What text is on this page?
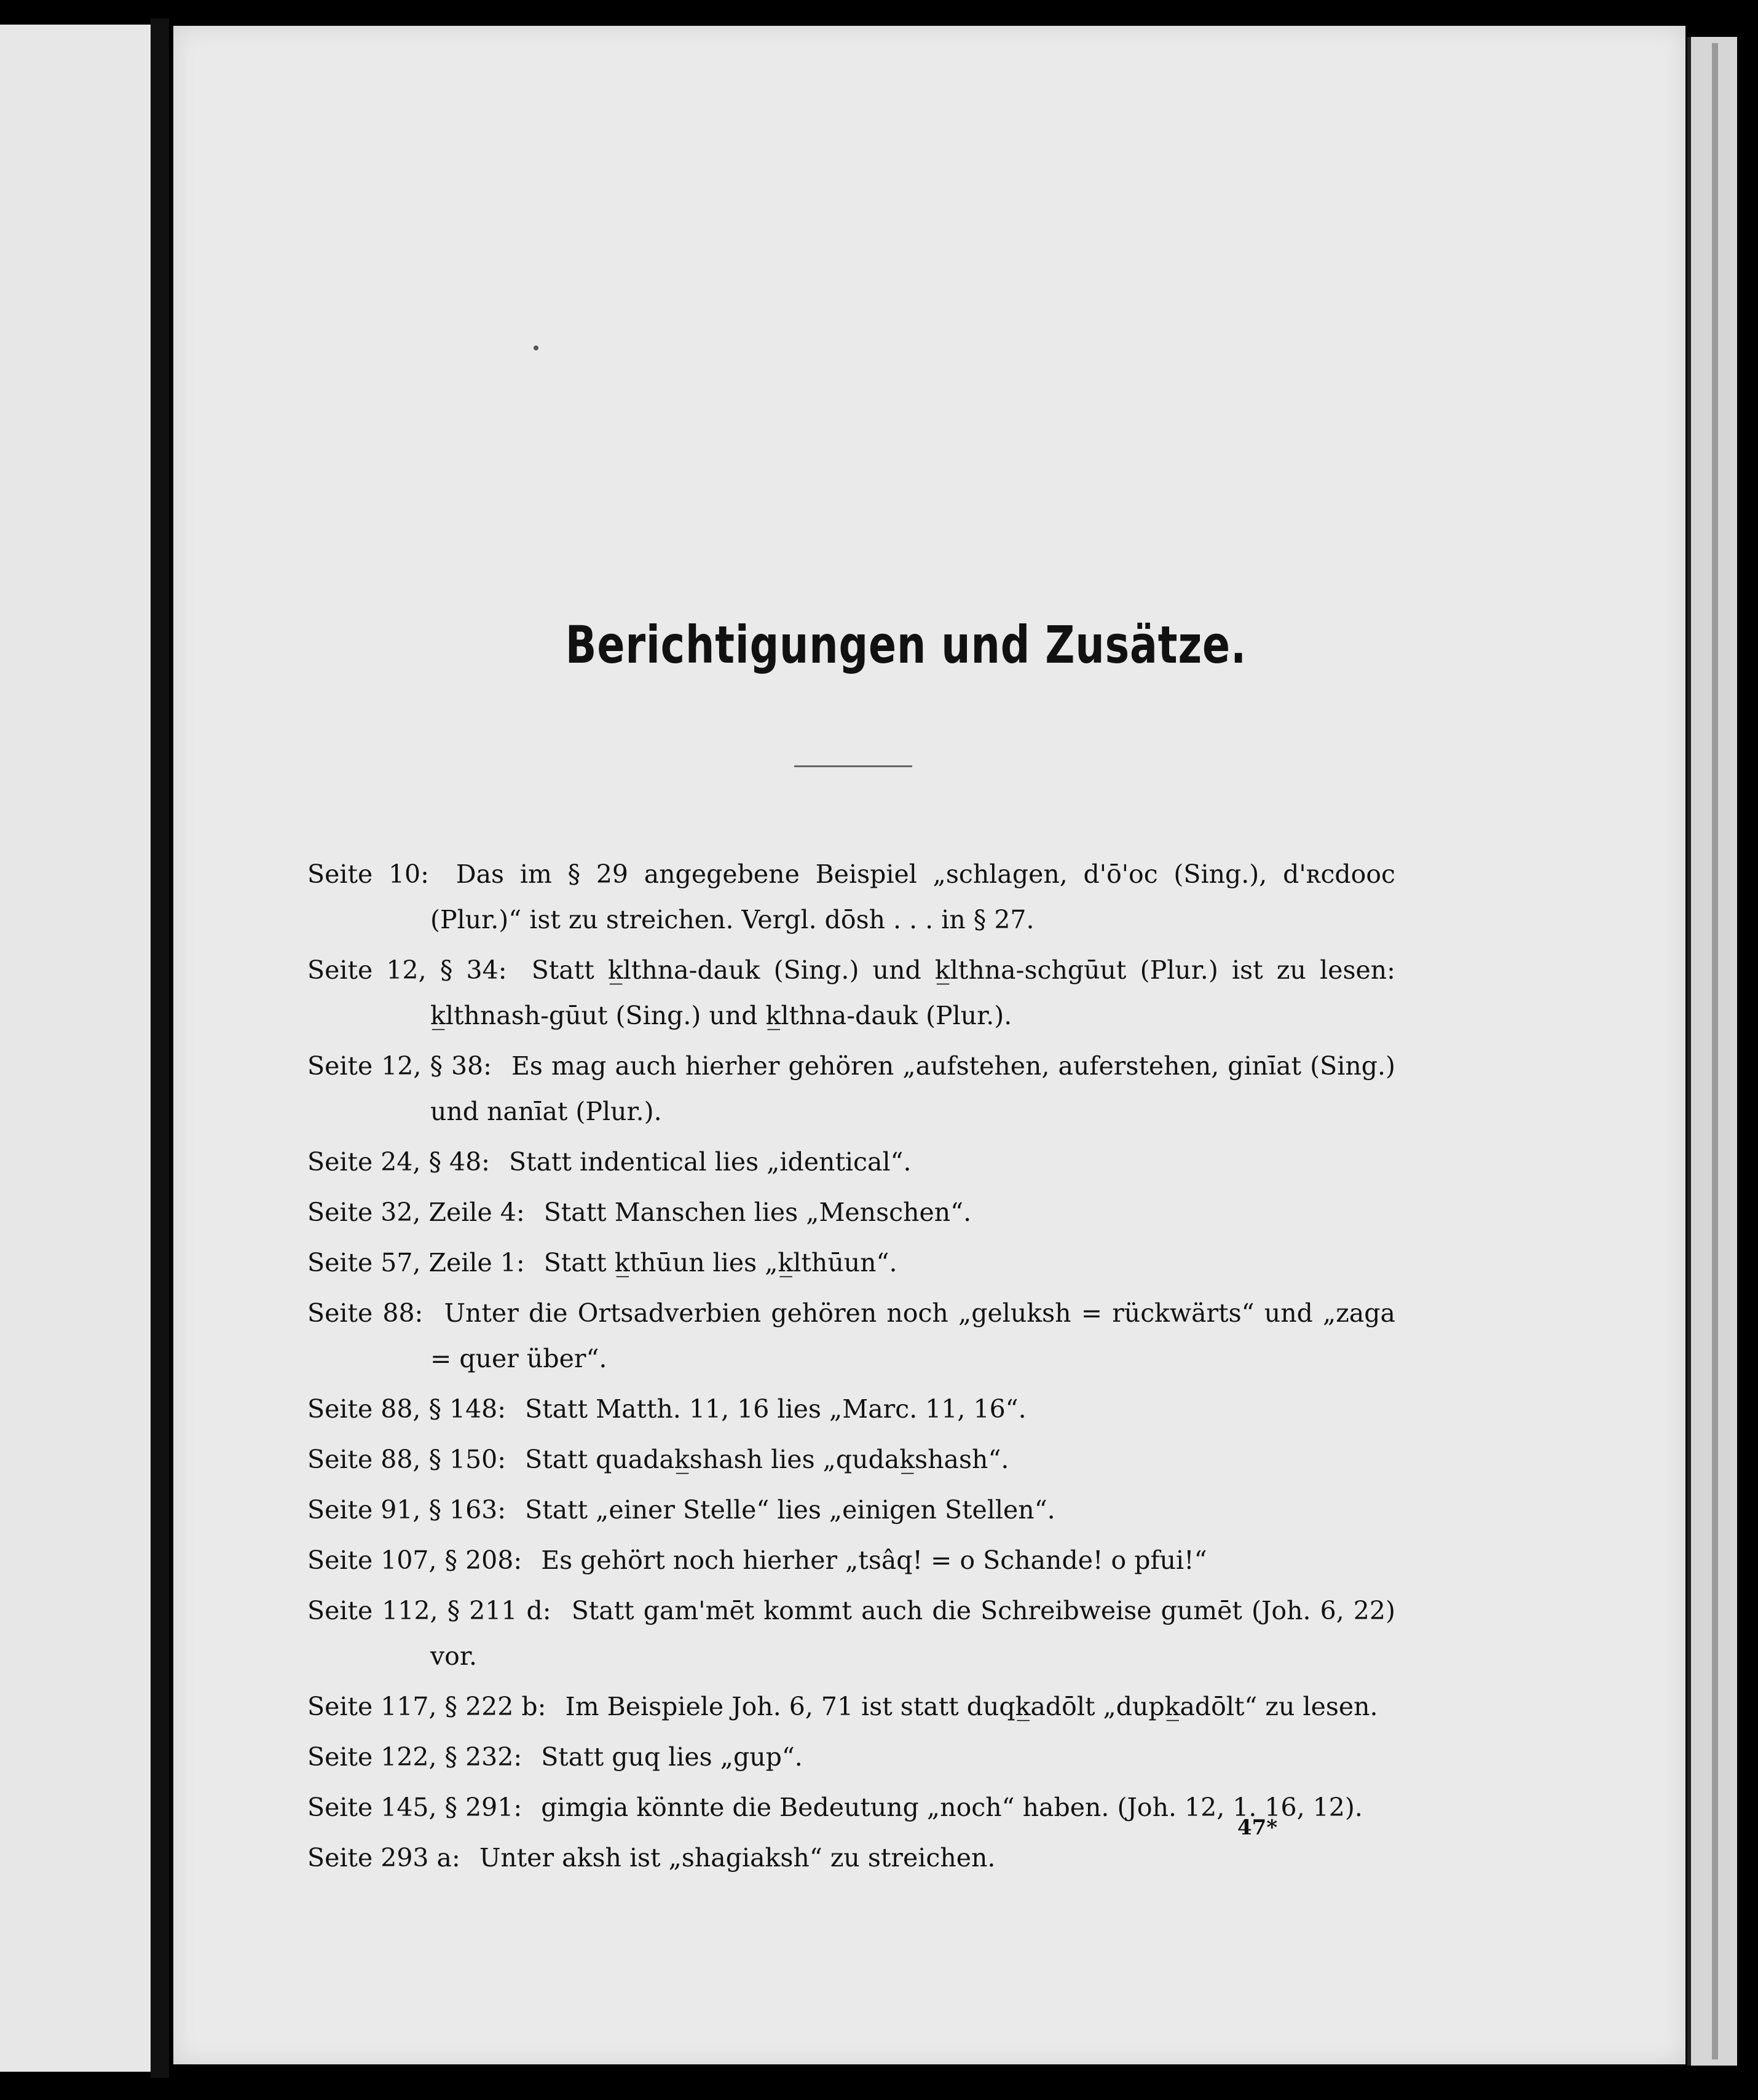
Berichtigungen und Zusätze.

Seite 10: Das im § 29 angegebene Beispiel „schlagen, d'ō'oc (Sing.), d'ʀcdooc (Plur.)“ ist zu streichen. Vergl. dōsh . . . in § 27.

Seite 12, § 34: Statt k̲lthna-dauk (Sing.) und k̲lthna-schgūut (Plur.) ist zu lesen: k̲lthnash-gūut (Sing.) und k̲lthna-dauk (Plur.).

Seite 12, § 38: Es mag auch hierher gehören „aufstehen, auferstehen, ginīat (Sing.) und nanīat (Plur.).

Seite 24, § 48: Statt indentical lies „identical“.

Seite 32, Zeile 4: Statt Manschen lies „Menschen“.

Seite 57, Zeile 1: Statt k̲thūun lies „k̲lthūun“.

Seite 88: Unter die Ortsadverbien gehören noch „geluksh = rückwärts“ und „zaga = quer über“.

Seite 88, § 148: Statt Matth. 11, 16 lies „Marc. 11, 16“.

Seite 88, § 150: Statt quadak̲shash lies „qudak̲shash“.

Seite 91, § 163: Statt „einer Stelle“ lies „einigen Stellen“.

Seite 107, § 208: Es gehört noch hierher „tsâq! = o Schande! o pfui!“

Seite 112, § 211 d: Statt gam'mēt kommt auch die Schreibweise gumēt (Joh. 6, 22) vor.

Seite 117, § 222 b: Im Beispiele Joh. 6, 71 ist statt duqk̲adōlt „dupk̲adōlt“ zu lesen.

Seite 122, § 232: Statt guq lies „gup“.

Seite 145, § 291: gimgia könnte die Bedeutung „noch“ haben. (Joh. 12, 1. 16, 12).

Seite 293 a: Unter aksh ist „shagiaksh“ zu streichen.

47*
